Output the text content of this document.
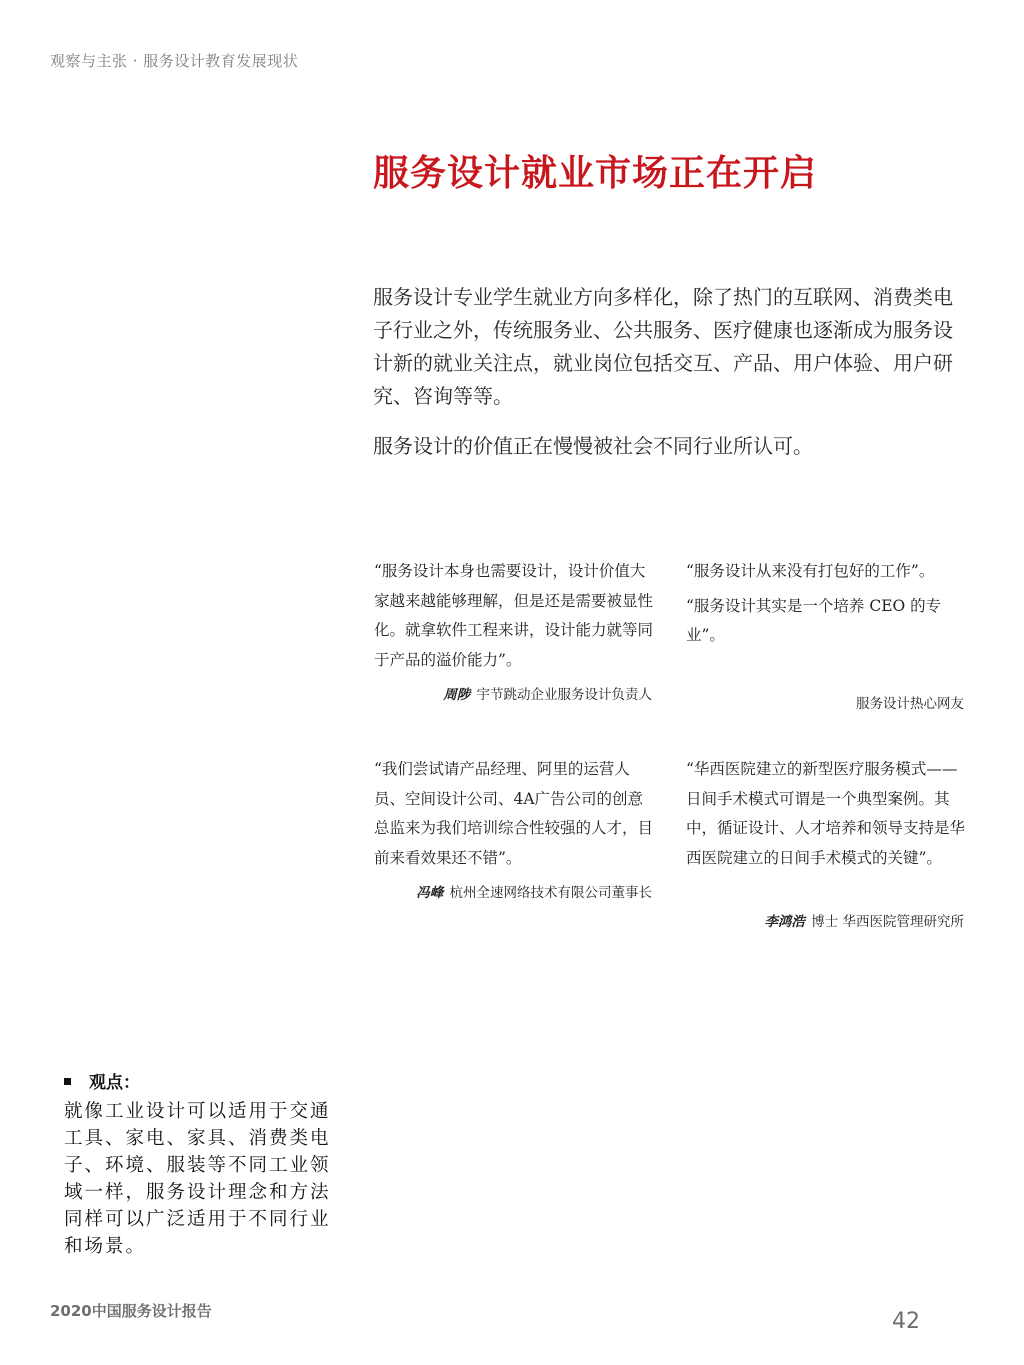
观察与主张 · 服务设计教育发展现状
服务设计就业市场正在开启

服务设计专业学生就业方向多样化，除了热门的互联网、消费类电子行业之外，传统服务业、公共服务、医疗健康也逐渐成为服务设计新的就业关注点，就业岗位包括交互、产品、用户体验、用户研究、咨询等等。

服务设计的价值正在慢慢被社会不同行业所认可。

“服务设计本身也需要设计，设计价值大家越来越能够理解，但是还是需要被显性化。就拿软件工程来讲，设计能力就等同于产品的溢价能力”。

周陟 宇节跳动企业服务设计负责人

“服务设计从来没有打包好的工作”。

“服务设计其实是一个培养 CEO 的专业”。

服务设计热心网友

“我们尝试请产品经理、阿里的运营人员、空间设计公司、4A广告公司的创意总监来为我们培训综合性较强的人才，目前来看效果还不错”。

冯峰 杭州全速网络技术有限公司董事长

“华西医院建立的新型医疗服务模式——日间手术模式可谓是一个典型案例。其中，循证设计、人才培养和领导支持是华西医院建立的日间手术模式的关键”。

李鸿浩 博士 华西医院管理研究所
观点：
就像工业设计可以适用于交通工具、家电、家具、消费类电子、环境、服装等不同工业领域一样，服务设计理念和方法同样可以广泛适用于不同行业和场景。
2020中国服务设计报告	42
